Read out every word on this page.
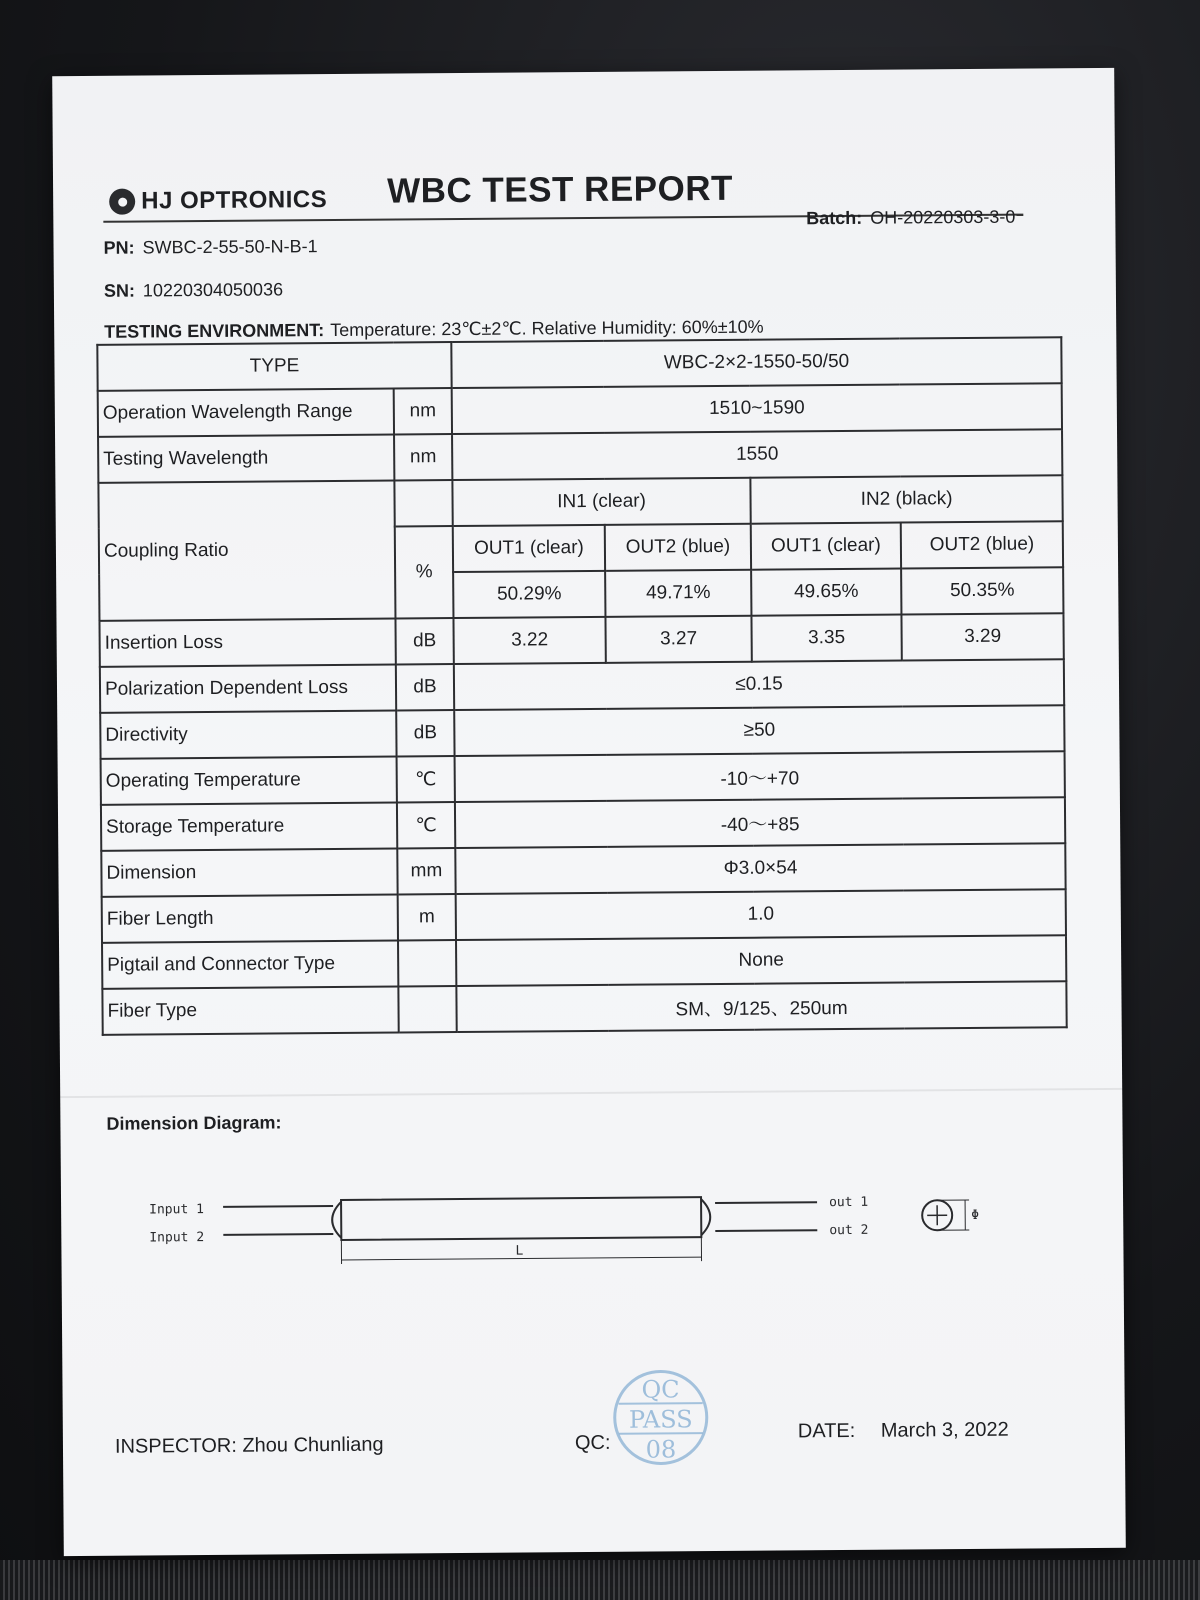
HJ OPTRONICS WBC TEST REPORT
Batch: OH-20220303-3-0
PN: SWBC-2-55-50-N-B-1
SN: 10220304050036
TESTING ENVIRONMENT: Temperature: 23℃±2℃. Relative Humidity: 60%±10%
TYPE		WBC-2×2-1550-50/50			
Operation Wavelength Range	nm	1510~1590			
Testing Wavelength	nm	1550			
Coupling Ratio		IN1 (clear)		IN2 (black)	
	%	OUT1 (clear)	OUT2 (blue)	OUT1 (clear)	OUT2 (blue)
		50.29%	49.71%	49.65%	50.35%
Insertion Loss	dB	3.22	3.27	3.35	3.29
Polarization Dependent Loss	dB	≤0.15			
Directivity	dB	≥50			
Operating Temperature	℃	-10～+70			
Storage Temperature	℃	-40～+85			
Dimension	mm	Φ3.0×54			
Fiber Length	m	1.0			
Pigtail and Connector Type		None			
Fiber Type		SM、9/125、250um			
Dimension Diagram:
Input 1
Input 2
out 1
out 2
L
Φ
INSPECTOR: Zhou Chunliang	QC:
QC
PASS
08
DATE: March 3, 2022
